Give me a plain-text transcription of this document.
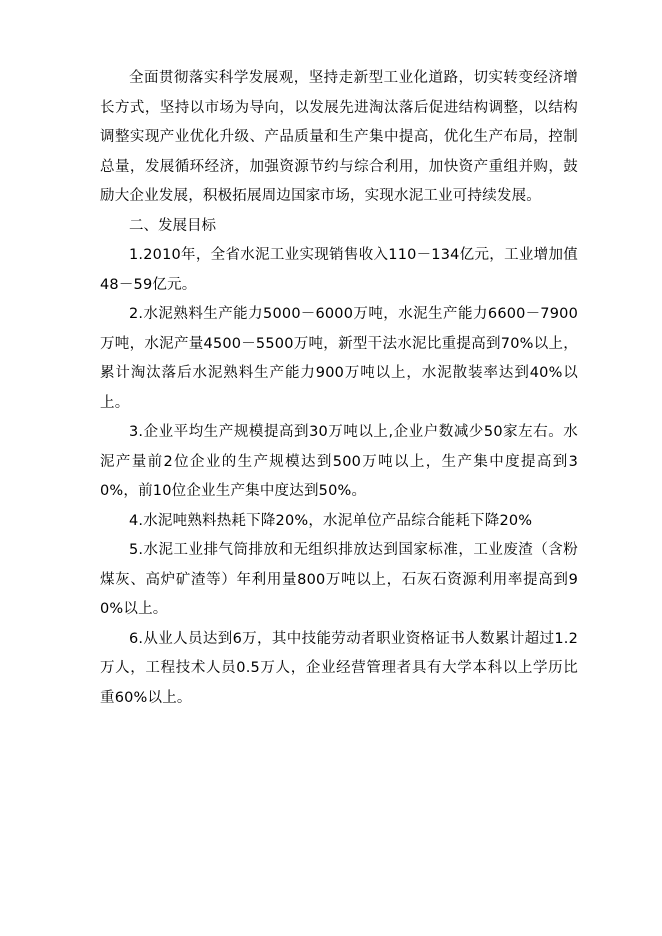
全面贯彻落实科学发展观，坚持走新型工业化道路，切实转变经济增长方式，坚持以市场为导向，以发展先进淘汰落后促进结构调整，以结构调整实现产业优化升级、产品质量和生产集中提高，优化生产布局，控制总量，发展循环经济，加强资源节约与综合利用，加快资产重组并购，鼓励大企业发展，积极拓展周边国家市场，实现水泥工业可持续发展。

二、发展目标

1.2010年，全省水泥工业实现销售收入110－134亿元，工业增加值48－59亿元。

2.水泥熟料生产能力5000－6000万吨，水泥生产能力6600－7900万吨，水泥产量4500－5500万吨，新型干法水泥比重提高到70%以上，累计淘汰落后水泥熟料生产能力900万吨以上，水泥散装率达到40%以上。

3.企业平均生产规模提高到30万吨以上,企业户数减少50家左右。水泥产量前2位企业的生产规模达到500万吨以上，生产集中度提高到30%，前10位企业生产集中度达到50%。

4.水泥吨熟料热耗下降20%，水泥单位产品综合能耗下降20%

5.水泥工业排气筒排放和无组织排放达到国家标准，工业废渣（含粉煤灰、高炉矿渣等）年利用量800万吨以上，石灰石资源利用率提高到90%以上。

6.从业人员达到6万，其中技能劳动者职业资格证书人数累计超过1.2万人，工程技术人员0.5万人，企业经营管理者具有大学本科以上学历比重60%以上。
